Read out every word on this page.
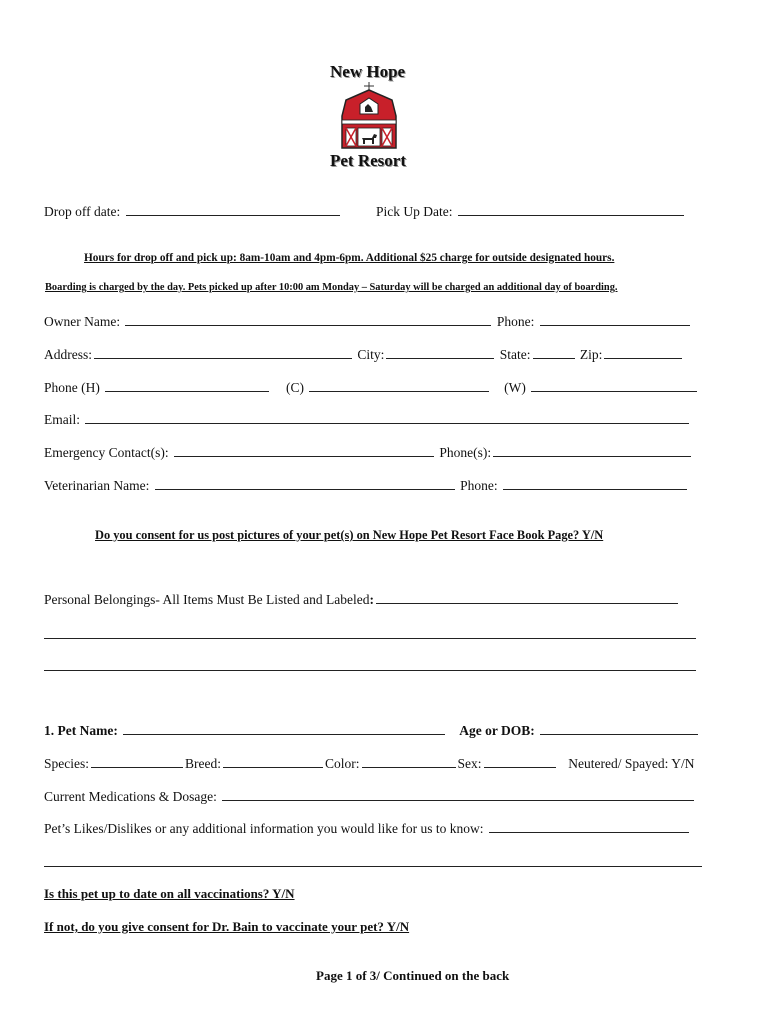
New Hope
Pet Resort
Drop off date:	Pick Up Date:
Hours for drop off and pick up: 8am-10am and 4pm-6pm. Additional $25 charge for outside designated hours.
Boarding is charged by the day. Pets picked up after 10:00 am Monday – Saturday will be charged an additional day of boarding.
Owner Name:	Phone:
Address:	City:	State:	Zip:
Phone (H)	(C)	(W)
Email:
Emergency Contact(s):	Phone(s):
Veterinarian Name:	Phone:
Do you consent for us post pictures of your pet(s) on New Hope Pet Resort Face Book Page? Y/N
Personal Belongings- All Items Must Be Listed and Labeled:
1. Pet Name:	Age or DOB:
Species:	Breed:	Color:	Sex:	Neutered/ Spayed: Y/N
Current Medications & Dosage:
Pet’s Likes/Dislikes or any additional information you would like for us to know:
Is this pet up to date on all vaccinations? Y/N
If not, do you give consent for Dr. Bain to vaccinate your pet? Y/N
Page 1 of 3/ Continued on the back
